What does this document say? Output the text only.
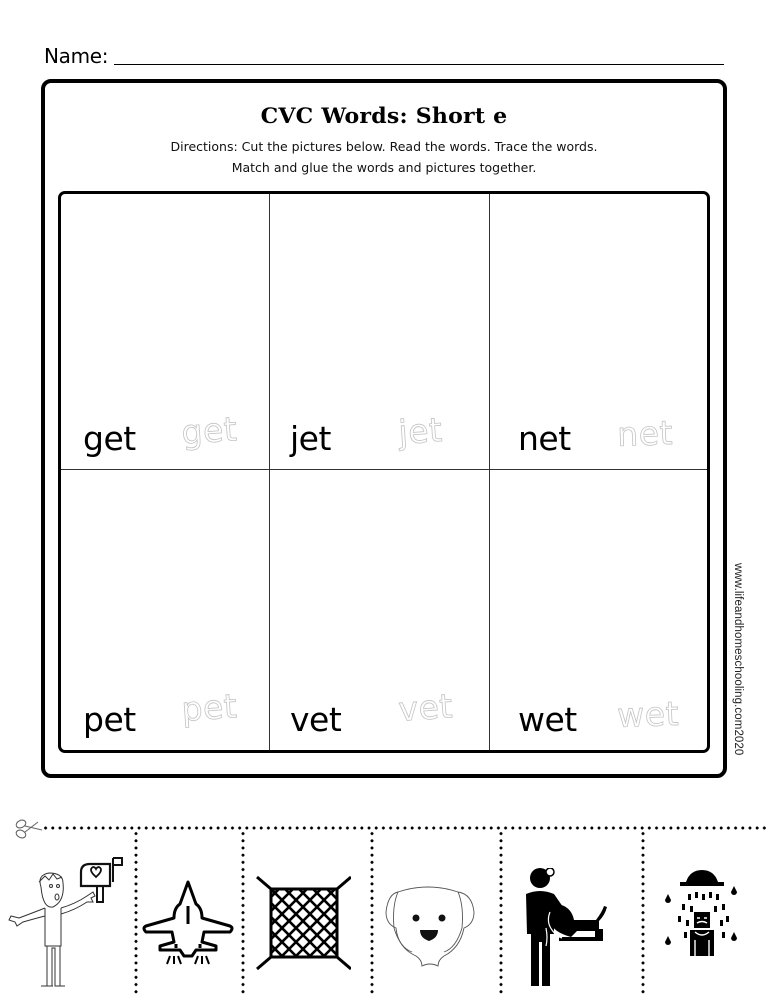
Name:
CVC Words: Short e
Directions: Cut the pictures below. Read the words. Trace the words. Match and glue the words and pictures together.
get get jet jet net net
pet pet vet vet wet wet	www.lifeandhomeschooling.com2020
